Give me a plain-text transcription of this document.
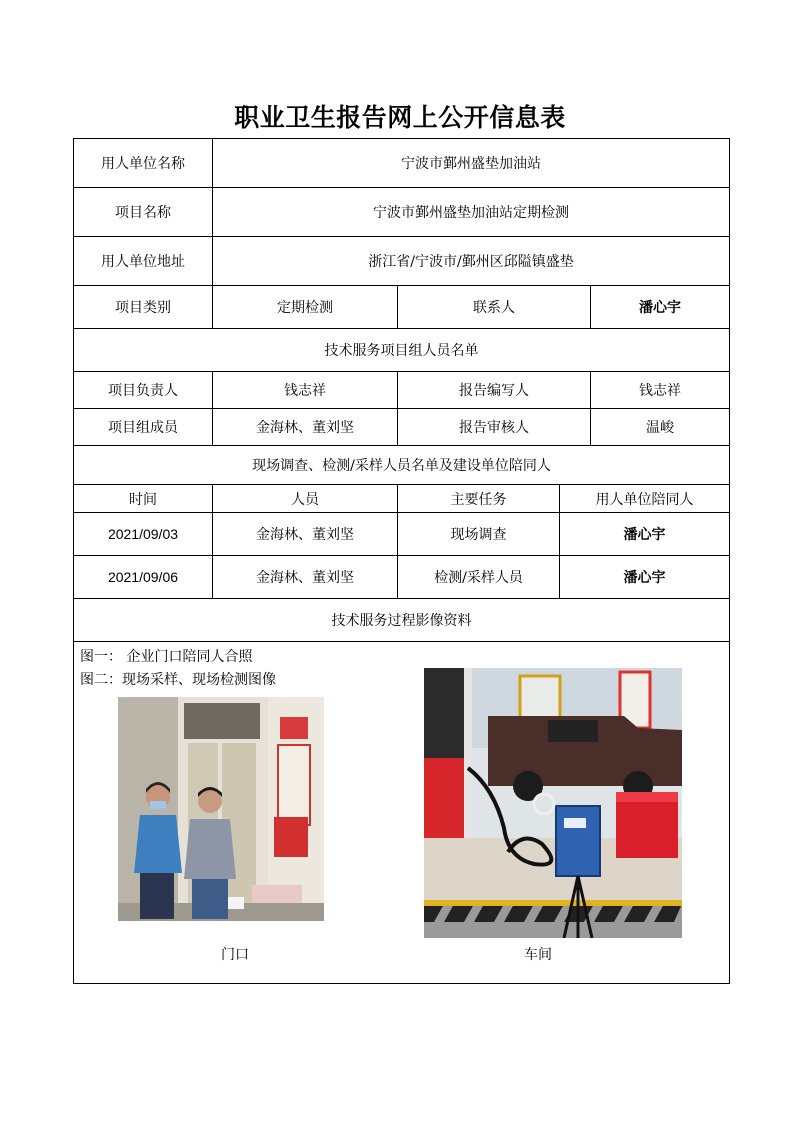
职业卫生报告网上公开信息表
用人单位名称	宁波市鄞州盛垫加油站			
项目名称	宁波市鄞州盛垫加油站定期检测			
用人单位地址	浙江省/宁波市/鄞州区邱隘镇盛垫			
项目类别	定期检测	联系人		潘心宇
技术服务项目组人员名单				
项目负责人	钱志祥	报告编写人		钱志祥
项目组成员	金海林、董刘坚	报告审核人		温峻
现场调查、检测/采样人员名单及建设单位陪同人				
时间	人员	主要任务	用人单位陪同人	
2021/09/03	金海林、董刘坚	现场调查	潘心宇	
2021/09/06	金海林、董刘坚	检测/采样人员	潘心宇	
技术服务过程影像资料				

图一： 企业门口陪同人合照
图二：现场采样、现场检测图像
门口 车间				
